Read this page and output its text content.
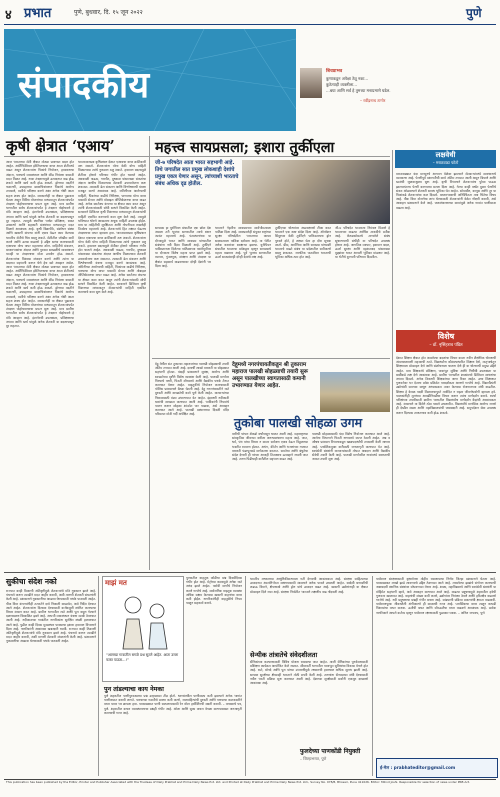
४ प्रभात	पुणे, बुधवार, दि. १५ जून २०२२	पुणे
संपादकीय	शिवप्राभव
कुणाकडून अपेक्षा ठेवू नका...
कुठेत्याही व्यक्तीला...
...बघा आणि सर्व हे तुमच्या मनाप्रमाणे घडेल.
– रवींद्रनाथ टागोर
लक्षवेधी
– मराठवाडा फोटो
कृषी क्षेत्रात ‘एआय’
आज भारताच्या शेती क्षेत्रात मोठ्या प्रमाणात बदल होत आहेत. आर्टिफिशियल इंटेलिजन्सचा वापर आता शेतीमध्ये वाढत असून शेतकऱ्यांना पिकांचे नियोजन, हवामानाचा अंदाज, पाण्याचे व्यवस्थापन आणि कीड नियंत्रण यासाठी मदत मिळत आहे. नव्या तंत्रज्ञानामुळे उत्पादनात वाढ होऊ शकते आणि खर्च कमी होऊ शकतो. ड्रोनच्या मदतीने फवारणी, उपग्रहाच्या छायाचित्रांवरून पिकांचे आरोग्य तपासणे, मातीचे परीक्षण करणे अशा अनेक गोष्टी आता सहज शक्य होत आहेत. सरकारनेही या क्षेत्रात पुढाकार घेतला असून विविध योजनांच्या माध्यमातून शेतकऱ्यांपर्यंत तंत्रज्ञान पोहोचवण्याचा प्रयत्न सुरू आहे. मात्र ग्रामीण भागातील सर्वच शेतकऱ्यांपर्यंत हे तंत्रज्ञान पोहोचवणे हे मोठे आव्हान आहे. इंटरनेटची उपलब्धता, प्रशिक्षणाचा अभाव आणि खर्च यांमुळे अनेक शेतकरी या बदलापासून दूर राहतात. त्यामुळे स्थानिक भाषेत प्रशिक्षण, स्वस्त उपकरणे आणि सहकारी संस्थांच्या माध्यमातून मदत मिळणे आवश्यक आहे. कृषी विद्यापीठे, संशोधन संस्था आणि खासगी कंपन्या यांनी एकत्र येऊन काम केल्यास भारतीय शेतीचे चित्र बदलू शकते. शेतीतील जोखीम कमी करणे आणि उत्पन्न वाढवणे हे उद्दिष्ट साध्य करण्यासाठी एआयचा योग्य वापर महत्त्वाचा ठरेल. माहितीचे संकलन, बाजारभावांचा अंदाज आणि पुरवठा साखळीचे व्यवस्थापन यातही या तंत्रज्ञानाचा मोठा उपयोग होऊ शकतो. शेतकऱ्यांचा विश्वास संपादन करणे आणि त्यांना या बदलात सहभागी करून घेणे हेच खरे आव्हान असेल. आज भारताच्या शेती क्षेत्रात मोठ्या प्रमाणात बदल होत आहेत. आर्टिफिशियल इंटेलिजन्सचा वापर आता शेतीमध्ये वाढत असून शेतकऱ्यांना पिकांचे नियोजन, हवामानाचा अंदाज, पाण्याचे व्यवस्थापन आणि कीड नियंत्रण यासाठी मदत मिळत आहे. नव्या तंत्रज्ञानामुळे उत्पादनात वाढ होऊ शकते आणि खर्च कमी होऊ शकतो. ड्रोनच्या मदतीने फवारणी, उपग्रहाच्या छायाचित्रांवरून पिकांचे आरोग्य तपासणे, मातीचे परीक्षण करणे अशा अनेक गोष्टी आता सहज शक्य होत आहेत. सरकारनेही या क्षेत्रात पुढाकार घेतला असून विविध योजनांच्या माध्यमातून शेतकऱ्यांपर्यंत तंत्रज्ञान पोहोचवण्याचा प्रयत्न सुरू आहे. मात्र ग्रामीण भागातील सर्वच शेतकऱ्यांपर्यंत हे तंत्रज्ञान पोहोचवणे हे मोठे आव्हान आहे. इंटरनेटची उपलब्धता, प्रशिक्षणाचा अभाव आणि खर्च यांमुळे अनेक शेतकरी या बदलापासून दूर राहतात.
भारतासारख्या कृषिप्रधान देशात एआयचा वापर क्रांतिकारी ठरू शकतो. शेतकऱ्यांना योग्य वेळी योग्य माहिती मिळाल्यास त्यांचे नुकसान टळू शकते. हवामान बदलामुळे शेतीवर होणारे परिणाम गंभीर होत चालले आहेत. अवकाळी पाऊस, गारपीट, दुष्काळ यांसारख्या संकटांचा अंदाज आधीच मिळाल्यास शेतकरी उपाययोजना करू शकतात. त्यासाठी डेटा संकलन आणि विश्लेषणाची यंत्रणा मजबूत करणे आवश्यक आहे. जमिनीच्या आरोग्याची माहिती, पिकांच्या वाढीचे निरीक्षण, पाण्याचा योग्य वापर यासाठी सेन्सर आणि मोबाइल ॲप्लिकेशनचा वापर वाढत आहे. अनेक स्टार्टअप कंपन्या या क्षेत्रात काम करत असून त्यांनी शेतकऱ्यांसाठी सोपी साधने विकसित केली आहेत. सरकारने डिजिटल कृषी मिशनच्या माध्यमातून शेतकऱ्यांची माहिती एकत्रित करण्याचे काम सुरू केले आहे. त्यामुळे भविष्यात धोरणे आखताना अचूक माहिती उपलब्ध होईल. मात्र या माहितीची सुरक्षितता आणि गोपनीयता राखणेही तितकेच महत्त्वाचे आहे. शेतकऱ्यांचे हित लक्षात घेऊनच तंत्रज्ञानाचा वापर व्हायला हवा. भारतासारख्या कृषिप्रधान देशात एआयचा वापर क्रांतिकारी ठरू शकतो. शेतकऱ्यांना योग्य वेळी योग्य माहिती मिळाल्यास त्यांचे नुकसान टळू शकते. हवामान बदलामुळे शेतीवर होणारे परिणाम गंभीर होत चालले आहेत. अवकाळी पाऊस, गारपीट, दुष्काळ यांसारख्या संकटांचा अंदाज आधीच मिळाल्यास शेतकरी उपाययोजना करू शकतात. त्यासाठी डेटा संकलन आणि विश्लेषणाची यंत्रणा मजबूत करणे आवश्यक आहे. जमिनीच्या आरोग्याची माहिती, पिकांच्या वाढीचे निरीक्षण, पाण्याचा योग्य वापर यासाठी सेन्सर आणि मोबाइल ॲप्लिकेशनचा वापर वाढत आहे. अनेक स्टार्टअप कंपन्या या क्षेत्रात काम करत असून त्यांनी शेतकऱ्यांसाठी सोपी साधने विकसित केली आहेत. सरकारने डिजिटल कृषी मिशनच्या माध्यमातून शेतकऱ्यांची माहिती एकत्रित करण्याचे काम सुरू केले आहे.
महत्त्व सायप्रसला; इशारा तुर्कीएला
जी-७ परिषदेत आता भारत सहभागी आहे. तिथे जगातील सात प्रमुख लोकशाही देशांचे प्रमुख एकत्र येणार असून, त्यांच्याशी भारताचे संबंध अधिक दृढ होतील.
सायप्रस हा युरोपियन संघातील एक छोटा देश असला तरी भूमध्य सागरातील त्याचे स्थान अत्यंत महत्त्वाचे आहे. पंतप्रधानांच्या या दौऱ्यामुळे भारत आणि सायप्रस यांच्यातील संबंधांना नवी दिशा मिळाली आहे. तुर्कीएने पाकिस्तानला दिलेल्या पाठिंब्याच्या पार्श्वभूमीवर या दौऱ्याला विशेष महत्त्व प्राप्त झाले आहे. व्यापार, गुंतवणूक, संरक्षण आणि तंत्रज्ञान या क्षेत्रांत सहकार्य वाढवण्यावर दोन्ही देशांनी भर दिला आहे.
भारताने नेहमीच सायप्रसच्या सार्वभौमत्वाला पाठिंबा दिला आहे. सायप्रसनेही संयुक्त राष्ट्रांच्या सुरक्षा परिषदेतील भारताच्या कायम सदस्यत्वाला पाठिंबा दर्शवला आहे. या भेटीत अनेक करारांवर स्वाक्षऱ्या झाल्या. युरोपियन संघातील भारताचा प्रवेशद्वार म्हणून सायप्रसचे महत्त्व वाढणार आहे. पूर्व भूमध्य सागरातील ऊर्जा साठ्यांवरही दोन्ही देशांचे लक्ष आहे.
तुर्कीएच्या धोरणांवर अप्रत्यक्षपणे टीका करत भारताने एक स्पष्ट संदेश दिला आहे. ऑपरेशन सिंदूरच्या वेळी तुर्कीएने पाकिस्तानला ड्रोन पुरवले होते, हे लक्षात घेता हा दौरा सूचक ठरतो. ग्रीस, आर्मेनिया आणि सायप्रस यांच्याशी भारताचे वाढते संबंध या प्रदेशातील समीकरणे बदलू शकतात. जागतिक पातळीवर भारताची भूमिका अधिक ठाम होत आहे.
जी-७ परिषदेत भारताला निमंत्रण मिळणे हे भारताच्या वाढत्या आर्थिक ताकदीचे प्रतीक आहे. कॅनडासोबतचे ताणलेले संबंध सुधारण्याची संधीही या परिषदेत उपलब्ध होणार आहे. जागतिक व्यापार, हवामान बदल, ऊर्जा सुरक्षा आणि दहशतवाद यांसारख्या मुद्द्यांवर भारत आपली भूमिका मांडणार आहे. या भेटीचे दूरगामी परिणाम दिसतील.
मराठवाड्यात यंदा मान्सूनचे आगमन वेळेवर झाल्याने शेतकऱ्यांमध्ये समाधानाचे वातावरण आहे. पेरणीपूर्व मशागतीची कामे अंतिम टप्प्यात आली असून बियाणे आणि खतांची जुळवाजुळव सुरू आहे. कृषी विभागाने शेतकऱ्यांना पुरेसा पाऊस झाल्यानंतरच पेरणी करण्याचा सल्ला दिला आहे. गेल्या काही वर्षांत दुबार पेरणीचे संकट ओढवल्याने शेतकरी सावध भूमिका घेत आहेत. सोयाबीन, कापूस आणि तूर या पिकांकडे शेतकऱ्यांचा कल दिसतो. बाजारभावाची अनिश्चितता मात्र चिंतेचा विषय आहे. पीक विमा योजनेचा लाभ घेण्यासाठी शेतकऱ्यांनी वेळेत नोंदणी करावी, असे आवाहन प्रशासनाने केले आहे. जलसंधारणाच्या कामांमुळे अनेक गावांत पाणीसाठा वाढला आहे.
विशेष
– डॉ. नृसिंहराव पंडित
देशात शिक्षण क्षेत्रात होत असलेल्या बदलांचा विचार करता नवीन शैक्षणिक धोरणाची अंमलबजावणी महत्त्वाची ठरते. विद्यार्थ्यांना कौशल्याधारित शिक्षण देणे, मातृभाषेतून शिक्षणाला प्रोत्साहन देणे आणि संशोधनाला चालना देणे ही या धोरणाची प्रमुख उद्दिष्टे आहेत. मात्र शिक्षकांचे प्रशिक्षण, पायाभूत सुविधा आणि निधीची उपलब्धता या बाबींकडे लक्ष देणे आवश्यक आहे. ग्रामीण भागातील शाळांमध्ये डिजिटल साधनांचा अभाव दिसतो. अनेक ठिकाणी शिक्षकांच्या जागा रिक्त आहेत. उच्च शिक्षणात गुणवत्तेवर भर देताना प्रवेश प्रक्रियेत पारदर्शकता आणणे गरजेचे आहे. विद्यापीठांनी उद्योगांशी समन्वय साधून अभ्यासक्रम तयार केल्यास रोजगाराच्या संधी वाढतील. शिक्षण हे केवळ पदवी मिळवण्यापुरते मर्यादित न राहता जीवनोपयोगी व्हायला हवे. पालकांनीही मुलांच्या आवडीनिवडीचा विचार करून त्यांना मार्गदर्शन करावे. स्पर्धा परीक्षांच्या तयारीसाठी ग्रामीण भागातील विद्यार्थ्यांना मार्गदर्शन केंद्रांची आवश्यकता आहे. शासनाने या दिशेने ठोस पावले उचलावीत. विद्यार्थ्यांचे मानसिक आरोग्य जपणे ही देखील शाळा आणि महाविद्यालयांची जबाबदारी आहे. समुपदेशन सेवा उपलब्ध करून दिल्यास ताणतणाव कमी होऊ शकतो.
देहू येथील संत तुकाराम महाराजांच्या पालखी सोहळ्याची तयारी अंतिम टप्प्यात आली आहे. दरवर्षी लाखो वारकरी या सोहळ्यात सहभागी होतात. यंदाही प्रशासनाने सुरक्षा, आरोग्य आणि स्वच्छतेच्या दृष्टीने विशेष व्यवस्था केली आहे. पालखी मार्गावर पिण्याचे पाणी, फिरती शौचालये आणि वैद्यकीय पथके तैनात करण्यात येणार आहेत. वाहतुकीचे नियोजन करण्यासाठी पोलिस प्रशासनाने बैठक घेतली आहे. देहू नगरपंचायतीने रस्ते दुरुस्ती आणि स्वच्छतेची कामे पूर्ण केली आहेत. वारकऱ्यांच्या निवासासाठी मंडप उभारण्यात येत आहेत. इंद्रायणी नदीकाठी घाटांची स्वच्छता करण्यात आली आहे. भाविकांनी नियमांचे पालन करून सोहळा शांततेत पार पाडावा, असे आवाहन करण्यात आले आहे. पालखी प्रस्थानाच्या दिवशी मंदिर परिसरात मोठी गर्दी अपेक्षित आहे.
देहूमध्ये नगरपंचायतीकडून श्री तुकाराम महाराज पालखी सोहळ्याची तयारी सुरू असून पालखीच्या स्वागतासाठी कमानी उभारण्यात येणार आहेत.
तुकोबा पालखी सोहळा उगम
वारीची परंपरा शेकडो वर्षांपासून चालत आली आहे. महाराष्ट्राच्या सांस्कृतिक जीवनात वारीला अनन्यसाधारण महत्त्व आहे. जात, धर्म, पंथ यांचा विचार न करता सर्वजण एकत्र येऊन विठ्ठलाच्या भक्तीत रममाण होतात. अभंग, कीर्तन आणि भजनांच्या गजरात वारकरी पंढरपूरकडे मार्गक्रमण करतात. समतेचा आणि बंधुतेचा संदेश देणारी ही परंपरा आजही तितक्याच उत्साहाने जपली जात आहे. तरुण पिढीचाही वारीतील सहभाग वाढत आहे.
पालखी सोहळ्यासाठी यंदा विशेष नियोजन करण्यात आले आहे. आरोग्य विभागाने फिरती रुग्णालये सज्ज ठेवली आहेत. अन्न व औषध प्रशासन विभागाकडून खाद्यपदार्थांची तपासणी केली जाणार आहे. प्लास्टिकमुक्त वारीसाठी जनजागृती करण्यात येत आहे. स्वयंसेवी संस्थांनी वारकऱ्यांसाठी मोफत अन्नदान आणि वैद्यकीय सेवेची तयारी केली आहे. पालखी मार्गावरील गावांमध्ये स्वागताची जय्यत तयारी सुरू आहे.
सुकीचा संदेश नको
राज्यात काही ठिकाणी अतिवृष्टीमुळे शेतकऱ्यांचे मोठे नुकसान झाले आहे. पंचनामे करून तातडीने मदत जाहीर करावी, अशी मागणी शेतकरी संघटनांनी केली आहे. प्रशासनाने नुकसानीचा आढावा घेण्यासाठी पथके पाठवली आहेत. पीक विमा कंपन्यांनीही तत्परतेने दावे निकाली काढावेत, असे निर्देश देण्यात आले आहेत. शेतकऱ्यांना दिलासा देण्यासाठी कर्जवसुली स्थगित करण्याचा विचार शासन करत आहे. ग्रामीण भागातील रस्ते आणि पूल वाहून गेल्याने दळणवळण विस्कळित झाले आहे. आपत्ती व्यवस्थापन यंत्रणा सतर्क ठेवण्यात आली आहे. नदीकाठच्या गावांतील नागरिकांना सुरक्षित स्थळी हलवण्यात आले आहे. पुढील काही दिवस मुसळधार पावसाचा इशारा हवामान विभागाने दिला आहे. नागरिकांनी आवश्यक खबरदारी घ्यावी. राज्यात काही ठिकाणी अतिवृष्टीमुळे शेतकऱ्यांचे मोठे नुकसान झाले आहे. पंचनामे करून तातडीने मदत जाहीर करावी, अशी मागणी शेतकरी संघटनांनी केली आहे. प्रशासनाने नुकसानीचा आढावा घेण्यासाठी पथके पाठवली आहेत.
माझं मत
“आमच्या गावातील सगळे प्रश्न सुटले आहेत. आता उरला फक्त पाऊस...!”
पुण्यातील वाहतूक कोंडीचा प्रश्न दिवसेंदिवस गंभीर होत आहे. मेट्रोच्या कामामुळे अनेक रस्ते अरुंद झाले आहेत. पर्यायी मार्गांचे नियोजन करणे गरजेचे आहे. सार्वजनिक वाहतूक व्यवस्था अधिक सक्षम केल्यास खासगी वाहनांचा वापर कमी होईल. नागरिकांनीही वाहतुकीचे नियम पाळून सहकार्य करावे.
पुन तांडल्याचा काय नेमका
पुणे शहरातील पाणीपुरवठ्याचा प्रश्न उन्हाळ्यात तीव्र होतो. धरणांमधील पाणीसाठा कमी झाल्याने अनेक भागांत पाणीकपात करावी लागते. पाण्याच्या गळतीचे प्रमाण कमी करणे, जलवाहिन्यांची दुरुस्ती आणि पाण्याचा काटकसरीने वापर यावर भर द्यायला हवा. पावसाळ्यात पाणी साठवण्यासाठी रेन वॉटर हार्वेस्टिंगची सक्ती करावी. – वाचकाचे पत्र, पुणे. शहरातील कचरा व्यवस्थापनाचा प्रश्नही गंभीर आहे. ओला आणि सुका कचरा वेगळा करण्याबाबत जनजागृती करण्याची गरज आहे.
सेन्यीक तांत्रातेचे संवेदशीलता
भारतीय लष्कराच्या आधुनिकीकरणाला गती देण्याची आवश्यकता आहे. संरक्षण साहित्याच्या उत्पादनात आत्मनिर्भरता साधण्यासाठी शासनाने अनेक पावले उचलली आहेत. स्वदेशी बनावटीची लढाऊ विमाने, क्षेपणास्त्रे आणि ड्रोन यांचे उत्पादन वाढत आहे. खासगी उद्योगांनाही या क्षेत्रात प्रोत्साहन दिले जात आहे. संरक्षण निर्यातीत भारताने लक्षणीय वाढ नोंदवली आहे.
सैनिकांच्या कल्याणासाठी विविध योजना राबवल्या जात आहेत. माजी सैनिकांच्या पुनर्वसनासाठी प्रशिक्षण कार्यक्रम आयोजित केले जातात. सीमावर्ती भागातील पायाभूत सुविधांचा विकास वेगाने होत आहे. रस्ते, बोगदे आणि पूल यांच्या उभारणीमुळे लष्कराची हालचाल अधिक सुलभ झाली आहे. सायबर सुरक्षेच्या क्षेत्रातही भारताने मोठी प्रगती केली आहे. तरुणांना सैन्यदलात संधी देण्यासाठी नवीन भरती प्रक्रिया सुरू करण्यात आली आहे. देशाच्या सुरक्षेसाठी सर्वांनी एकजूट दाखवणे आवश्यक आहे.
फुलदेच्या पाणकोंडी नियुक्ती
– जिल्हाभरात, पुणे
पर्यावरण संरक्षणासाठी वृक्षारोपण मोहीम राबवण्याचा निर्णय जिल्हा प्रशासनाने घेतला आहे. पावसाळ्यात लाखो झाडे लावण्याचे उद्दिष्ट ठेवण्यात आले आहे. लावलेल्या झाडांचे संगोपन करण्याची जबाबदारी स्थानिक संस्थांवर सोपवण्यात येणार आहे. शाळा, महाविद्यालये आणि स्वयंसेवी संस्थांनी या मोहिमेत सहभागी व्हावे, असे आवाहन करण्यात आले आहे. वाढत्या प्रदूषणामुळे शहरातील हवेची गुणवत्ता खालावत आहे. वाहनांची संख्या कमी करणे, उद्योगांवर नियंत्रण ठेवणे आणि हरितक्षेत्र वाढवणे गरजेचे आहे. नदी प्रदूषणाचा प्रश्नही गंभीर बनला आहे. सांडपाणी प्रक्रिया प्रकल्पांची क्षमता वाढवावी. पर्यावरणपूरक जीवनशैली अंगीकारणे ही काळाची गरज आहे. प्लास्टिकचा वापर टाळून कापडी पिशव्यांचा वापर करावा. ऊर्जेची बचत आणि सौरऊर्जेचा वापर वाढवणे आवश्यक आहे. प्रत्येक नागरिकाने आपले कर्तव्य म्हणून पर्यावरण रक्षणासाठी पुढाकार घ्यावा. – अनिल जगताप, पुणे
ई-मेल : prabhateditor@gmail.com
This publication has been published by the Editor, Printer and Publisher Associated with the Trustees of Daily Prabhat and Prime Daily News Pvt. Ltd. and Printed at Daily Prabhat and Prime Daily News Pvt. Ltd., Survey No. 978/8, Bhosari, Pune 411026. Editor: Milind Joshi. Responsible for selection of news under PRB Act.
